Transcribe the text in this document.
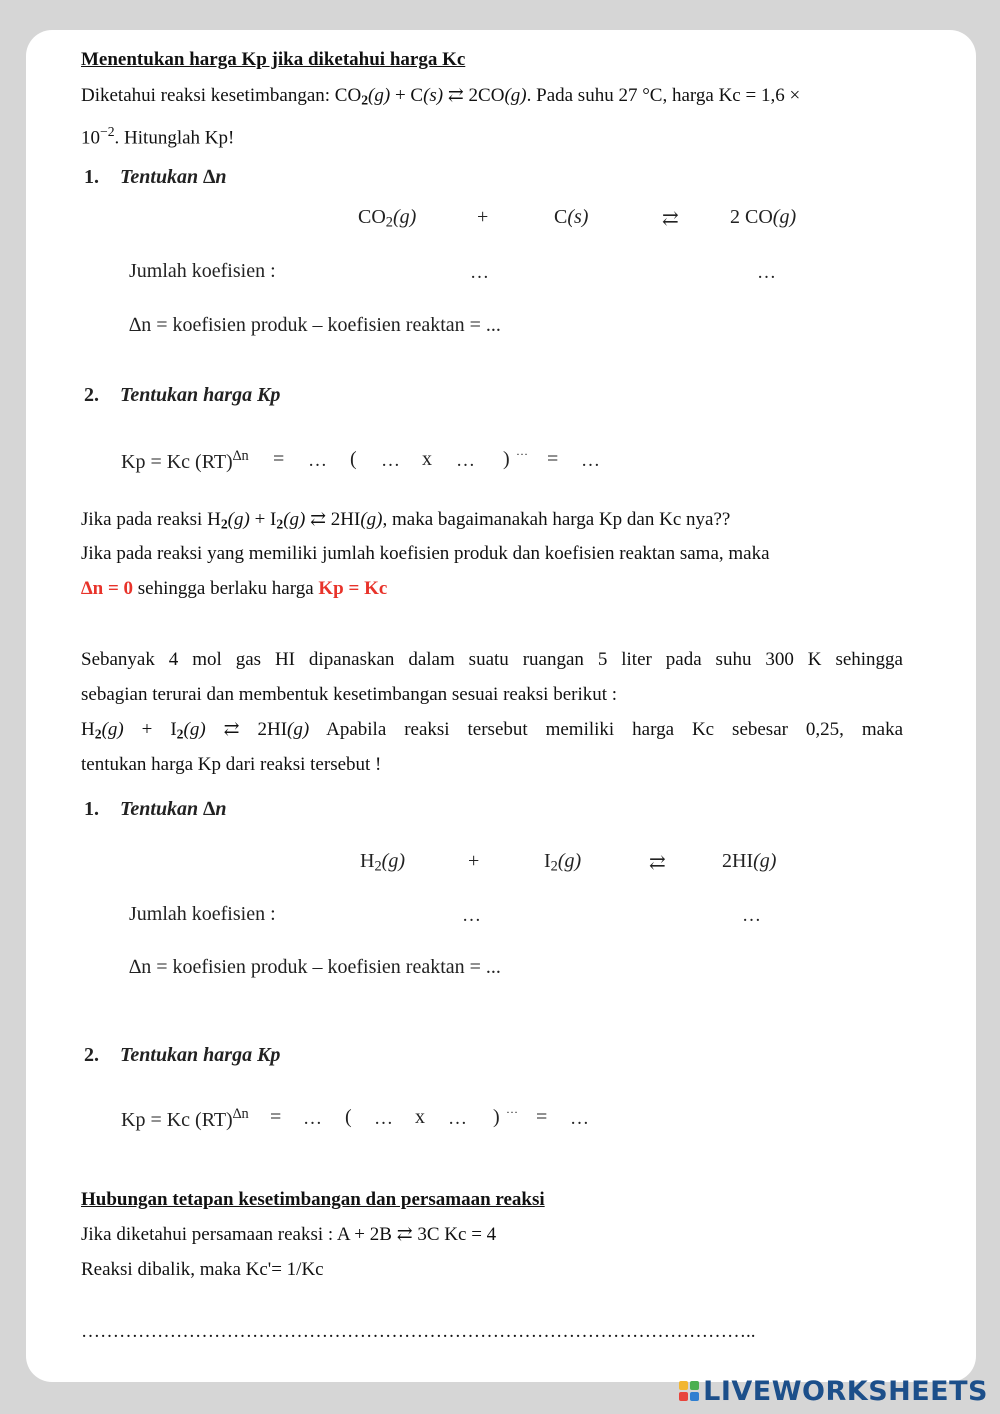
Menentukan harga Kp jika diketahui harga Kc
Diketahui reaksi kesetimbangan: CO2(g) + C(s) ⇄ 2CO(g). Pada suhu 27 °C, harga Kc = 1,6 ×
$10^{-2}$. Hitunglah Kp!
1. Tentukan ∆n
$CO_2(g)$	+	C(s)	⇄	2 CO(g)
Jumlah koefisien :	…	…
∆n = koefisien produk – koefisien reaktan = ...
2. Tentukan harga Kp
Kp = Kc (RT)$^{\Delta n}$ = … ( … x … ) … = …
Jika pada reaksi H2(g) + I2(g) ⇄ 2HI(g), maka bagaimanakah harga Kp dan Kc nya??
Jika pada reaksi yang memiliki jumlah koefisien produk dan koefisien reaktan sama, maka
∆n = 0 sehingga berlaku harga Kp = Kc
Sebanyak 4 mol gas HI dipanaskan dalam suatu ruangan 5 liter pada suhu 300 K sehingga
sebagian terurai dan membentuk kesetimbangan sesuai reaksi berikut :
H2(g) + I2(g) ⇄ 2HI(g) Apabila reaksi tersebut memiliki harga Kc sebesar 0,25, maka
tentukan harga Kp dari reaksi tersebut !
1. Tentukan ∆n
$H_2(g)$	+	$I_2(g)$	⇄	2HI(g)
Jumlah koefisien :	…	…
∆n = koefisien produk – koefisien reaktan = ...
2. Tentukan harga Kp
Kp = Kc (RT)$^{\Delta n}$ = … ( … x … ) … = …
Hubungan tetapan kesetimbangan dan persamaan reaksi
Jika diketahui persamaan reaksi : A + 2B ⇄ 3C Kc = 4
Reaksi dibalik, maka Kc'= 1/Kc
……………………………………………………………………………………………..
LIVEWORKSHEETS
